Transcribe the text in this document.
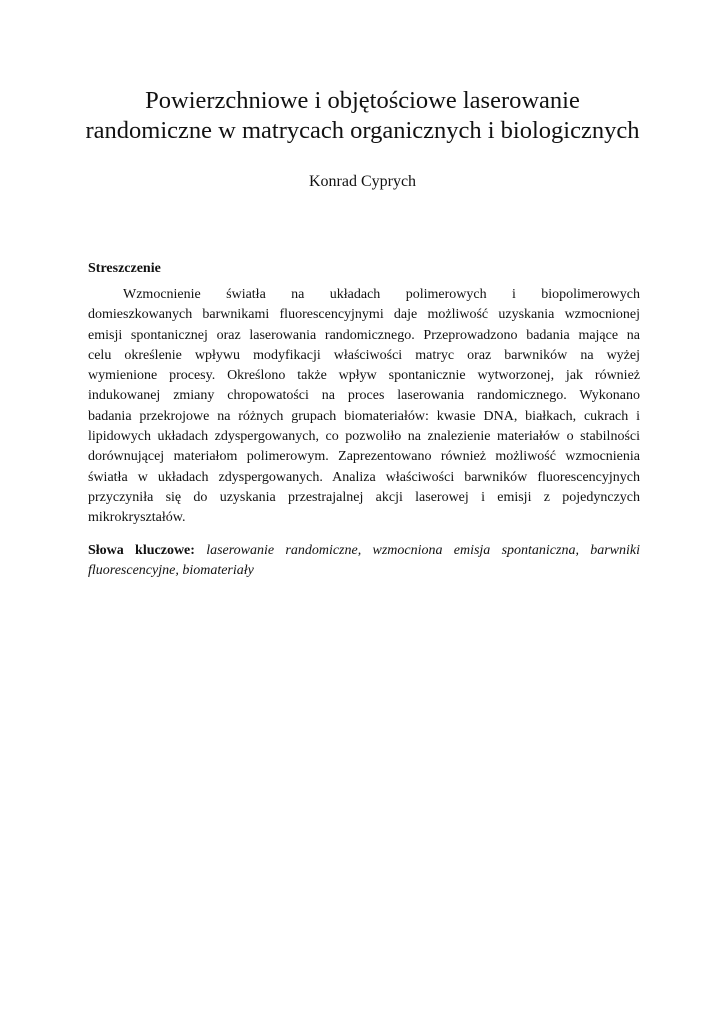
Powierzchniowe i objętościowe laserowanie
randomiczne w matrycach organicznych i biologicznych

Konrad Cyprych

Streszczenie

Wzmocnienie światła na układach polimerowych i biopolimerowych
domieszkowanych barwnikami fluorescencyjnymi daje możliwość uzyskania wzmocnionej
emisji spontanicznej oraz laserowania randomicznego. Przeprowadzono badania mające na
celu określenie wpływu modyfikacji właściwości matryc oraz barwników na wyżej
wymienione procesy. Określono także wpływ spontanicznie wytworzonej, jak również
indukowanej zmiany chropowatości na proces laserowania randomicznego. Wykonano
badania przekrojowe na różnych grupach biomateriałów: kwasie DNA, białkach, cukrach i
lipidowych układach zdyspergowanych, co pozwoliło na znalezienie materiałów o stabilności
dorównującej materiałom polimerowym. Zaprezentowano również możliwość wzmocnienia
światła w układach zdyspergowanych. Analiza właściwości barwników fluorescencyjnych
przyczyniła się do uzyskania przestrajalnej akcji laserowej i emisji z pojedynczych
mikrokryształów.
Słowa kluczowe: laserowanie randomiczne, wzmocniona emisja spontaniczna, barwniki
fluorescencyjne, biomateriały
